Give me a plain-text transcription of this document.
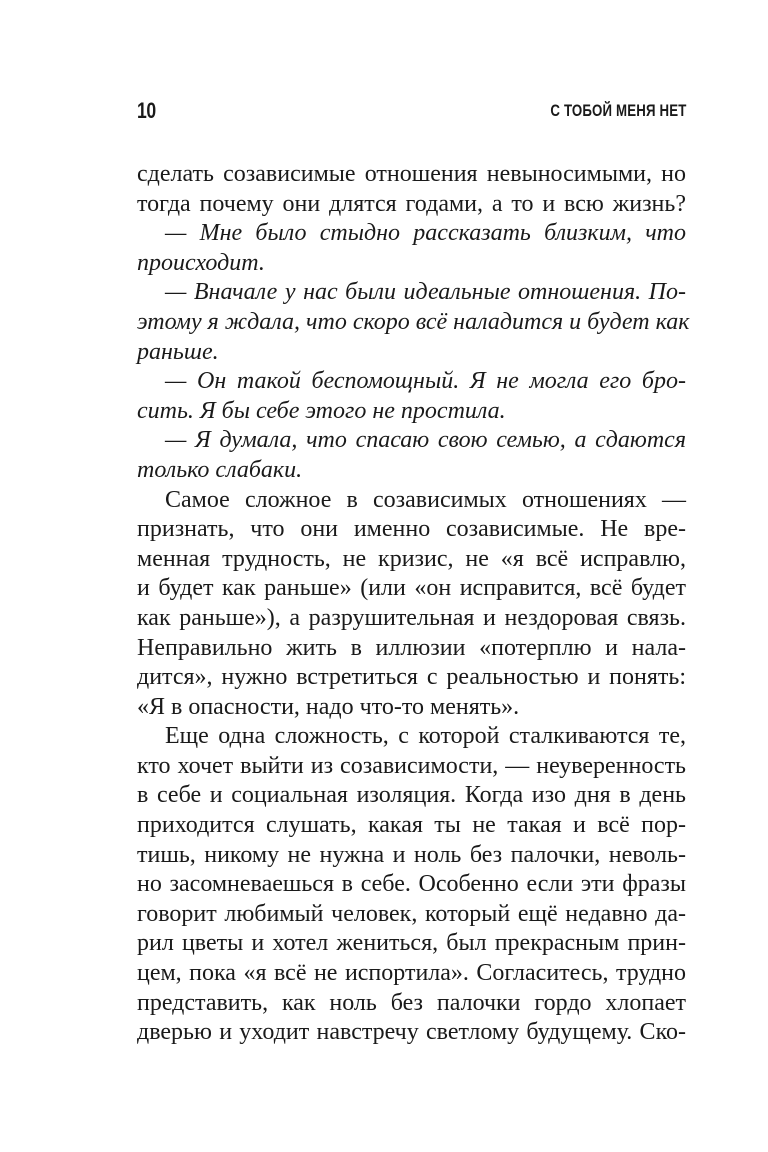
10	С ТОБОЙ МЕНЯ НЕТ
сделать созависимые отношения невыносимыми, но
тогда почему они длятся годами, а то и всю жизнь?
— Мне было стыдно рассказать близким, что
происходит.
— Вначале у нас были идеальные отношения. По-
этому я ждала, что скоро всё наладится и будет как
раньше.
— Он такой беспомощный. Я не могла его бро-
сить. Я бы себе этого не простила.
— Я думала, что спасаю свою семью, а сдаются
только слабаки.
Самое сложное в созависимых отношениях —
признать, что они именно созависимые. Не вре-
менная трудность, не кризис, не «я всё исправлю,
и будет как раньше» (или «он исправится, всё будет
как раньше»), а разрушительная и нездоровая связь.
Неправильно жить в иллюзии «потерплю и нала-
дится», нужно встретиться с реальностью и понять:
«Я в опасности, надо что-то менять».
Еще одна сложность, с которой сталкиваются те,
кто хочет выйти из созависимости, — неуверенность
в себе и социальная изоляция. Когда изо дня в день
приходится слушать, какая ты не такая и всё пор-
тишь, никому не нужна и ноль без палочки, неволь-
но засомневаешься в себе. Особенно если эти фразы
говорит любимый человек, который ещё недавно да-
рил цветы и хотел жениться, был прекрасным прин-
цем, пока «я всё не испортила». Согласитесь, трудно
представить, как ноль без палочки гордо хлопает
дверью и уходит навстречу светлому будущему. Ско-
